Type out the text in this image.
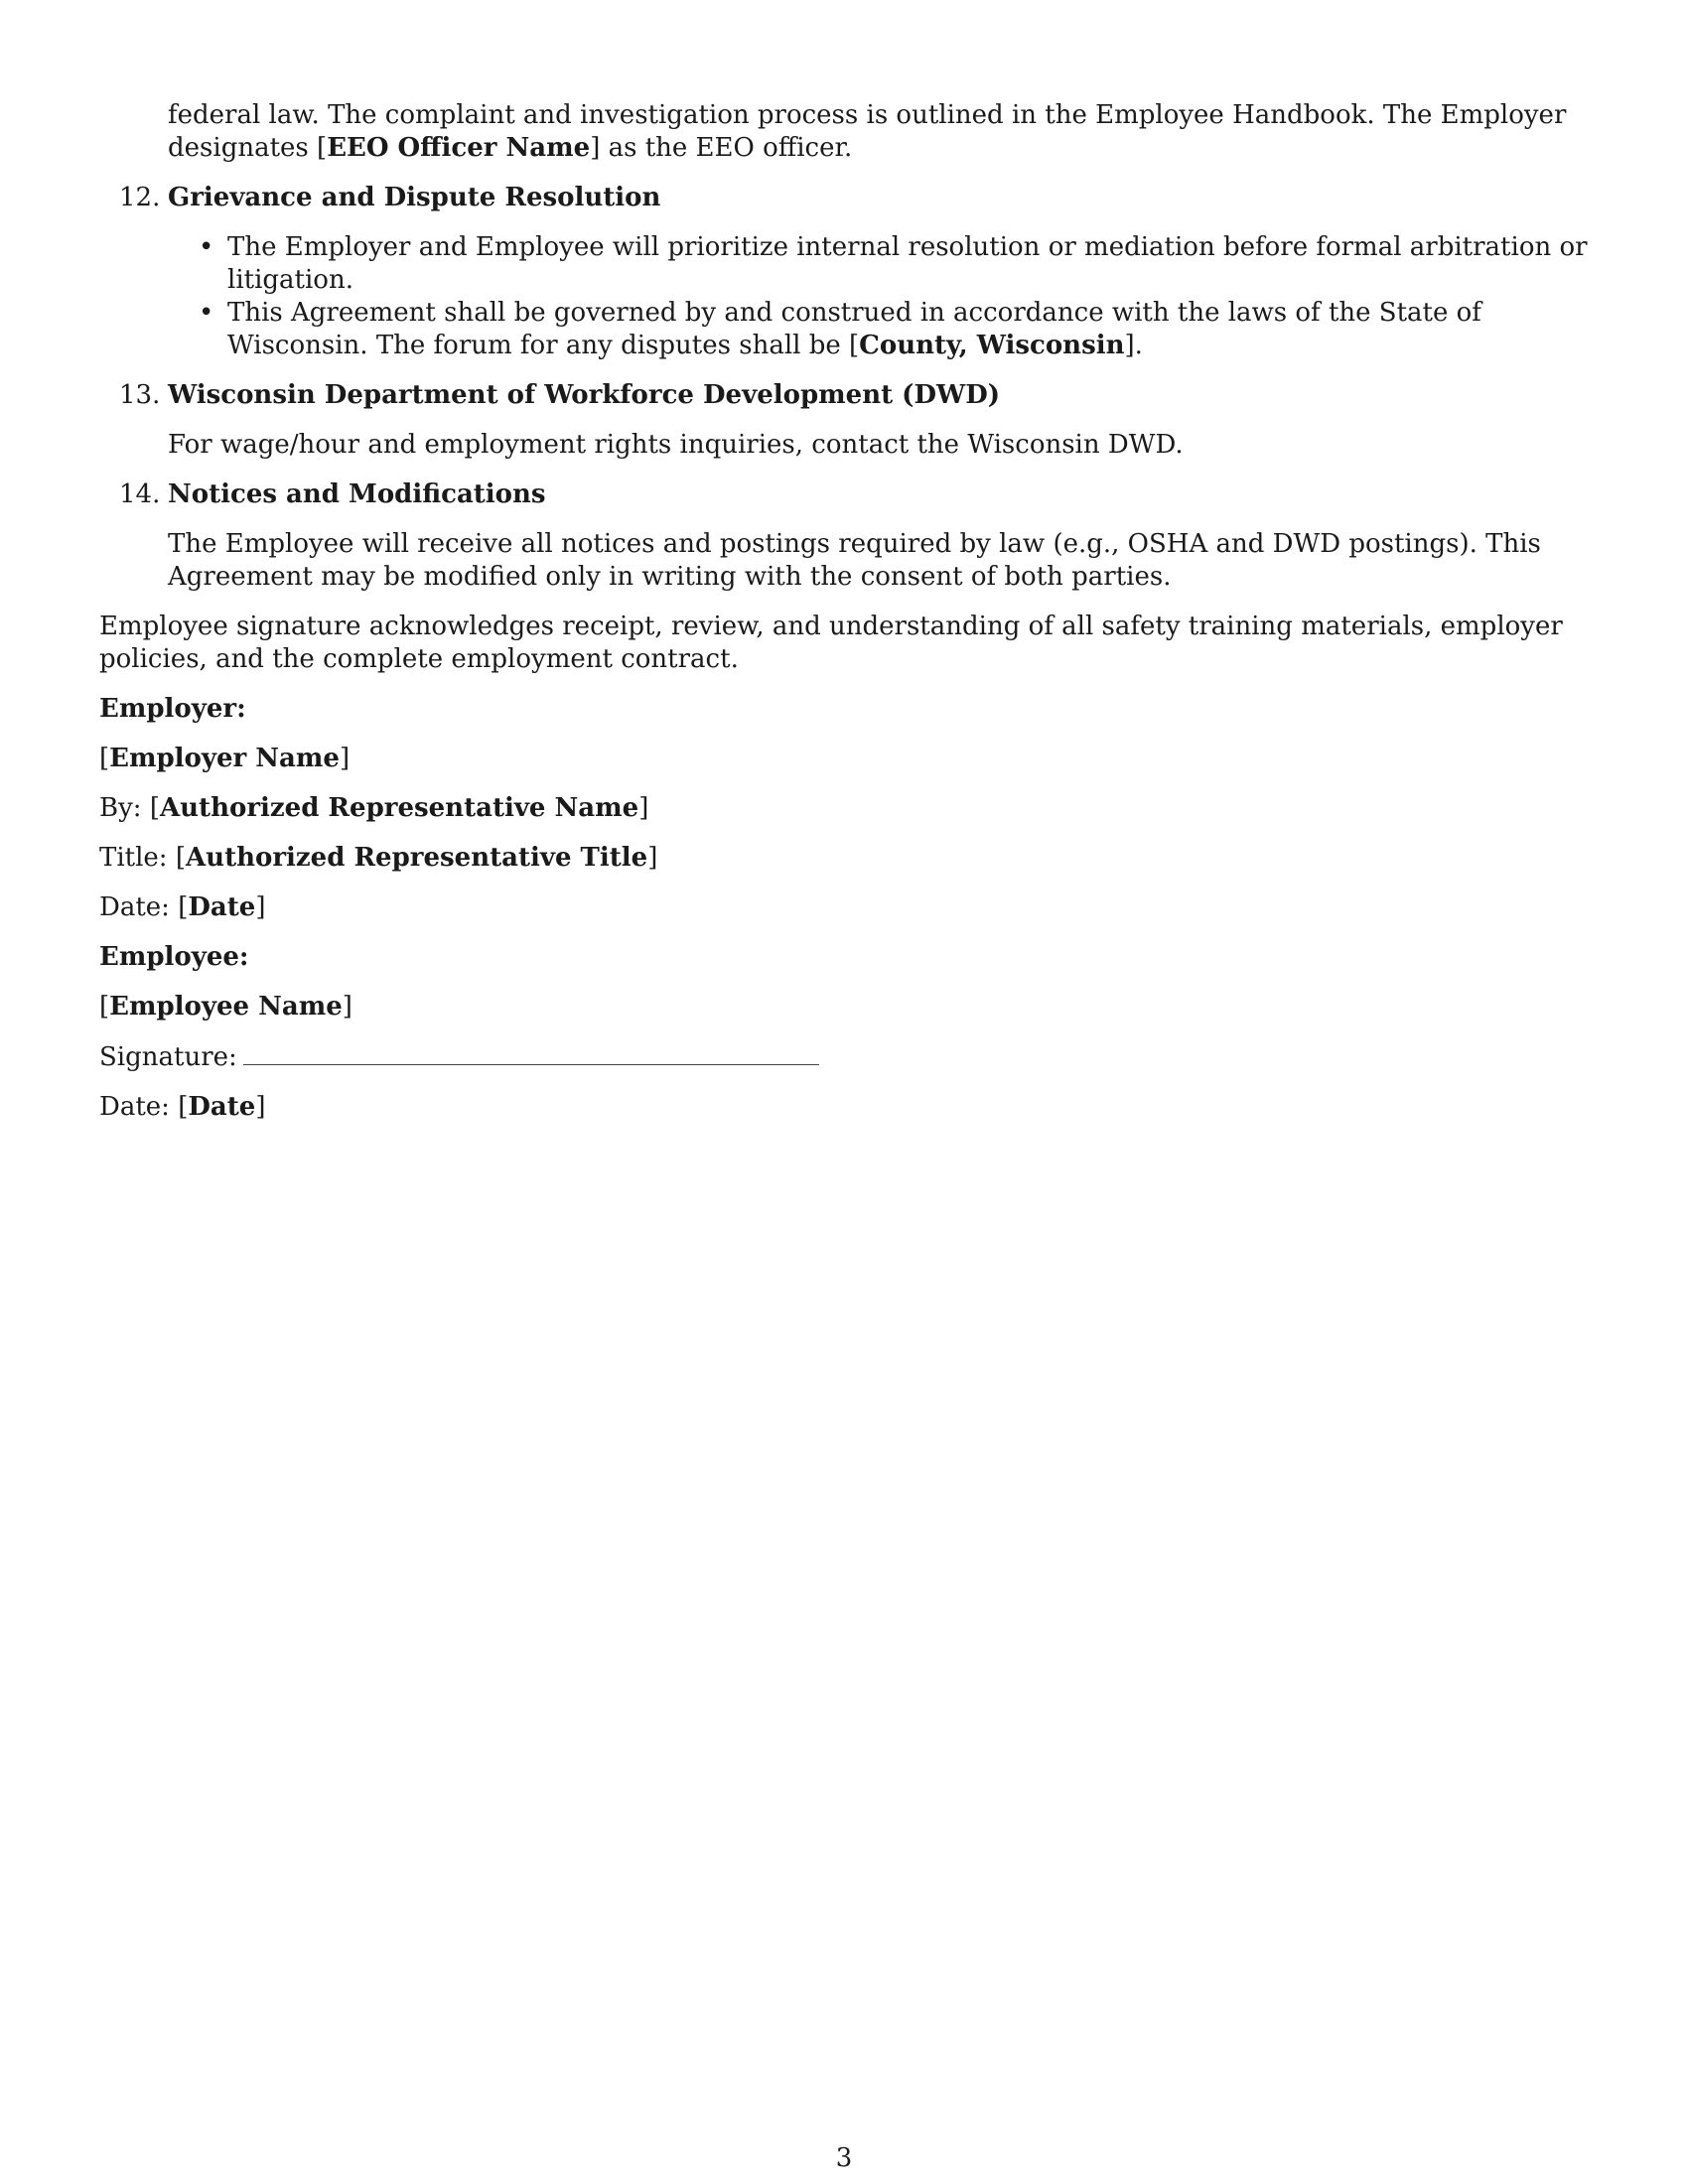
federal law. The complaint and investigation process is outlined in the Employee Handbook. The Employer designates [EEO Officer Name] as the EEO officer.

12. Grievance and Dispute Resolution
• The Employer and Employee will prioritize internal resolution or mediation before formal arbitration or litigation.
• This Agreement shall be governed by and construed in accordance with the laws of the State of Wisconsin. The forum for any disputes shall be [County, Wisconsin].
13. Wisconsin Department of Workforce Development (DWD)

For wage/hour and employment rights inquiries, contact the Wisconsin DWD.

14. Notices and Modifications

The Employee will receive all notices and postings required by law (e.g., OSHA and DWD postings). This Agreement may be modified only in writing with the consent of both parties.

Employee signature acknowledges receipt, review, and understanding of all safety training materials, employer policies, and the complete employment contract.

Employer:
[Employer Name]
By: [Authorized Representative Name]
Title: [Authorized Representative Title]
Date: [Date]
Employee:
[Employee Name]
Signature:
Date: [Date]
3
